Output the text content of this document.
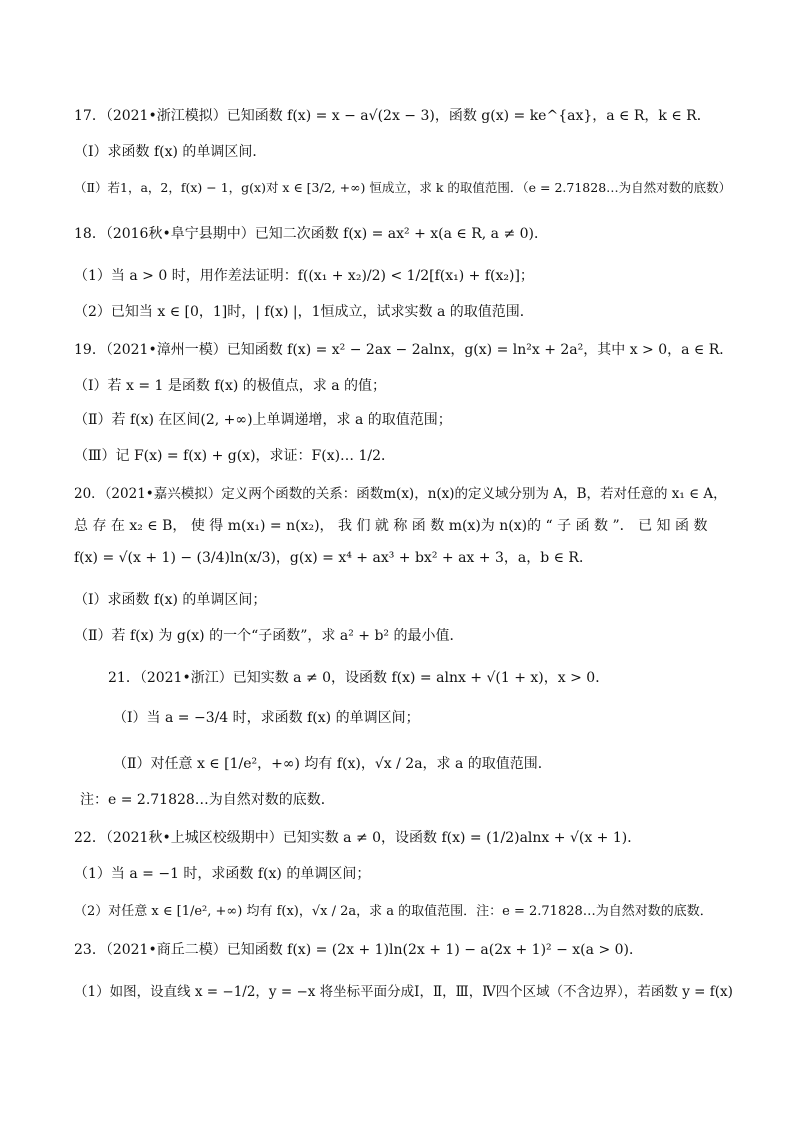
17．（2021•浙江模拟）已知函数 f(x) = x − a√(2x − 3)，函数 g(x) = ke^{ax}，a ∈ R，k ∈ R．
（Ⅰ）求函数 f(x) 的单调区间．
（Ⅱ）若1，a，2，f(x) − 1，g(x)对 x ∈ [3/2, +∞) 恒成立，求 k 的取值范围．（e = 2.71828…为自然对数的底数）
18．（2016秋•阜宁县期中）已知二次函数 f(x) = ax² + x(a ∈ R, a ≠ 0)．
（1）当 a > 0 时，用作差法证明：f((x₁ + x₂)/2) < 1/2[f(x₁) + f(x₂)]；
（2）已知当 x ∈ [0，1]时，| f(x) |，1恒成立，试求实数 a 的取值范围．
19．（2021•漳州一模）已知函数 f(x) = x² − 2ax − 2alnx，g(x) = ln²x + 2a²，其中 x > 0，a ∈ R．
（Ⅰ）若 x = 1 是函数 f(x) 的极值点，求 a 的值；
（Ⅱ）若 f(x) 在区间(2, +∞)上单调递增，求 a 的取值范围；
（Ⅲ）记 F(x) = f(x) + g(x)，求证：F(x)… 1/2．
20．（2021•嘉兴模拟）定义两个函数的关系：函数m(x)，n(x)的定义域分别为 A，B，若对任意的 x₁ ∈ A，
总 存 在 x₂ ∈ B， 使 得 m(x₁) = n(x₂)， 我 们 就 称 函 数 m(x)为 n(x)的 “ 子 函 数 ”． 已 知 函 数
f(x) = √(x + 1) − (3/4)ln(x/3)，g(x) = x⁴ + ax³ + bx² + ax + 3，a，b ∈ R．
（Ⅰ）求函数 f(x) 的单调区间；
（Ⅱ）若 f(x) 为 g(x) 的一个“子函数”，求 a² + b² 的最小值．
21．（2021•浙江）已知实数 a ≠ 0，设函数 f(x) = alnx + √(1 + x)，x > 0．
（Ⅰ）当 a = −3/4 时，求函数 f(x) 的单调区间；
（Ⅱ）对任意 x ∈ [1/e²，+∞) 均有 f(x)，√x / 2a，求 a 的取值范围．
注：e = 2.71828…为自然对数的底数．
22．（2021秋•上城区校级期中）已知实数 a ≠ 0，设函数 f(x) = (1/2)alnx + √(x + 1)．
（1）当 a = −1 时，求函数 f(x) 的单调区间；
（2）对任意 x ∈ [1/e², +∞) 均有 f(x)，√x / 2a，求 a 的取值范围．注：e = 2.71828…为自然对数的底数．
23．（2021•商丘二模）已知函数 f(x) = (2x + 1)ln(2x + 1) − a(2x + 1)² − x(a > 0)．
（1）如图，设直线 x = −1/2，y = −x 将坐标平面分成Ⅰ，Ⅱ，Ⅲ，Ⅳ四个区域（不含边界），若函数 y = f(x)
